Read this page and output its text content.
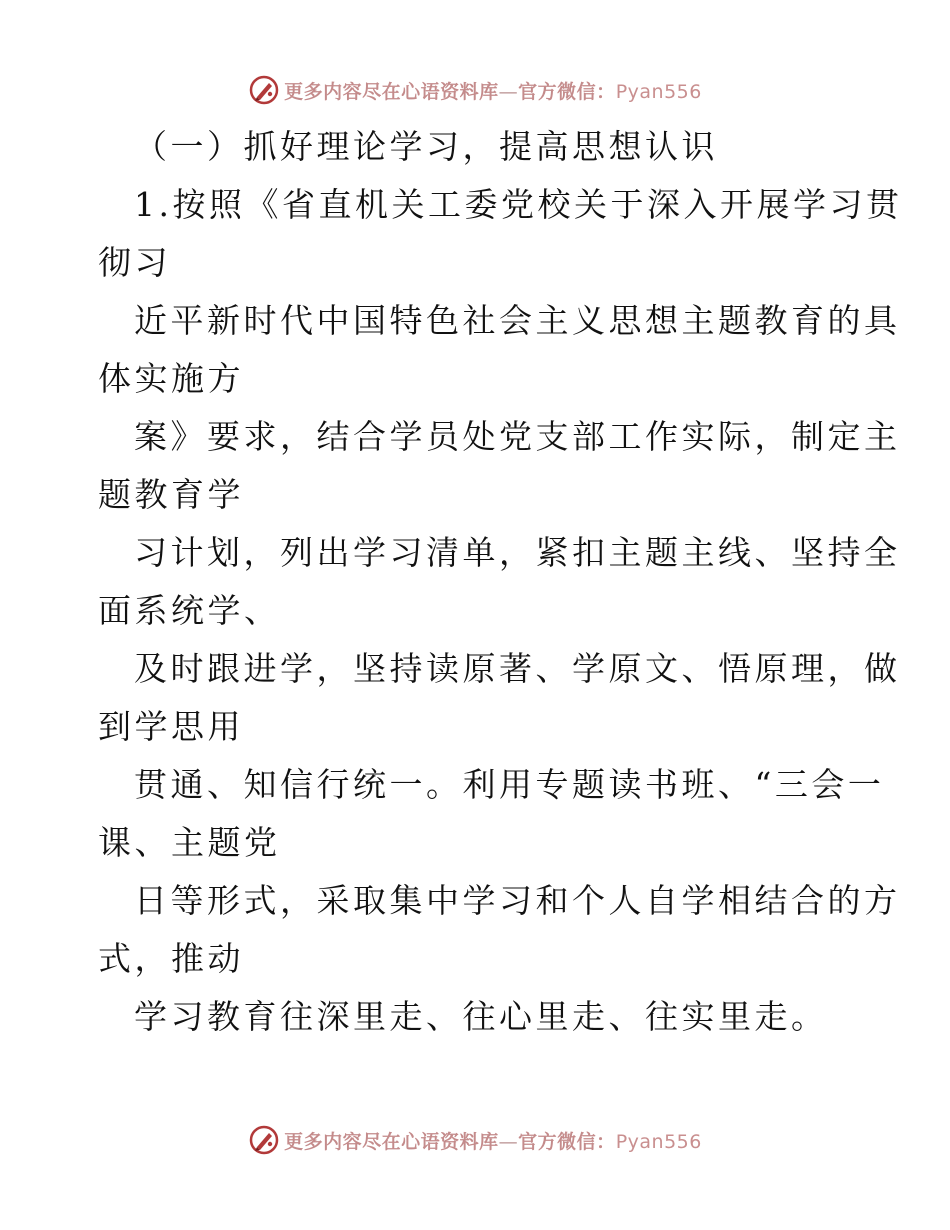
更多内容尽在心语资料库—官方微信：Pyan556
（一）抓好理论学习，提高思想认识
1.按照《省直机关工委党校关于深入开展学习贯
彻习
近平新时代中国特色社会主义思想主题教育的具
体实施方
案》要求，结合学员处党支部工作实际，制定主
题教育学
习计划，列出学习清单，紧扣主题主线、坚持全
面系统学、
及时跟进学，坚持读原著、学原文、悟原理，做
到学思用
贯通、知信行统一。利用专题读书班、“三会一
课、主题党
日等形式，采取集中学习和个人自学相结合的方
式，推动
学习教育往深里走、往心里走、往实里走。
更多内容尽在心语资料库—官方微信：Pyan556
